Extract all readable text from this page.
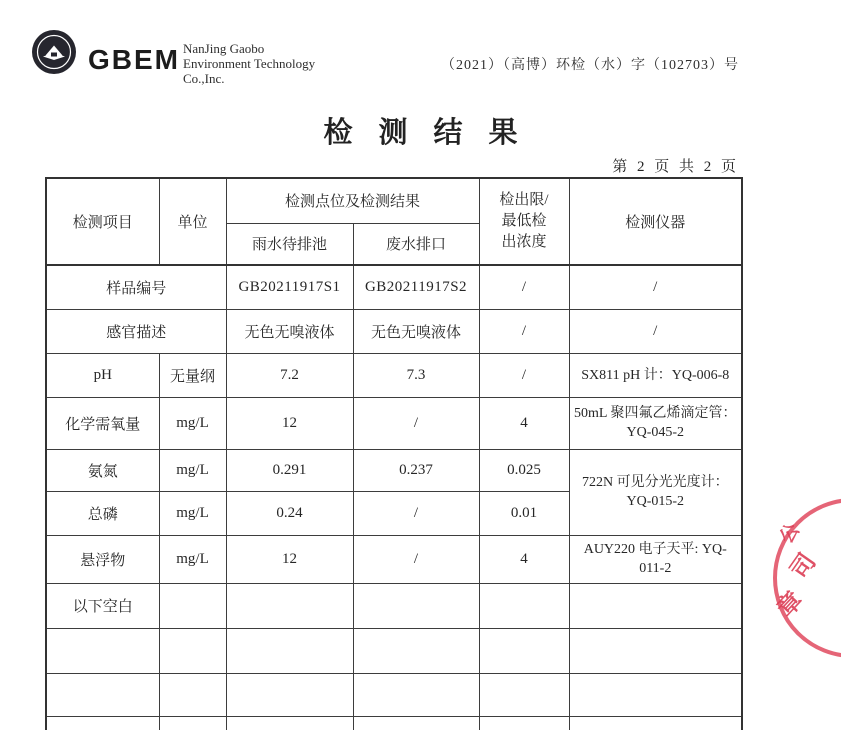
GBEM NanJing Gaobo
Environment Technology
Co.,Inc.
（2021）（高博）环检（水）字（102703）号
检测结果
第 2 页 共 2 页
检测项目	单位	检测点位及检测结果		检出限/
最低检
出浓度	检测仪器
		雨水待排池	废水排口		
样品编号		GB20211917S1	GB20211917S2	/	/
感官描述		无色无嗅液体	无色无嗅液体	/	/
pH	无量纲	7.2	7.3	/	SX811 pH 计：YQ-006-8
化学需氧量	mg/L	12	/	4	50mL 聚四氟乙烯滴定管：YQ-045-2
氨氮	mg/L	0.291	0.237	0.025	722N 可见分光光度计：YQ-015-2
总磷	mg/L	0.24	/	0.01	
悬浮物	mg/L	12	/	4	AUY220 电子天平: YQ-011-2
以下空白					

公
司
章
